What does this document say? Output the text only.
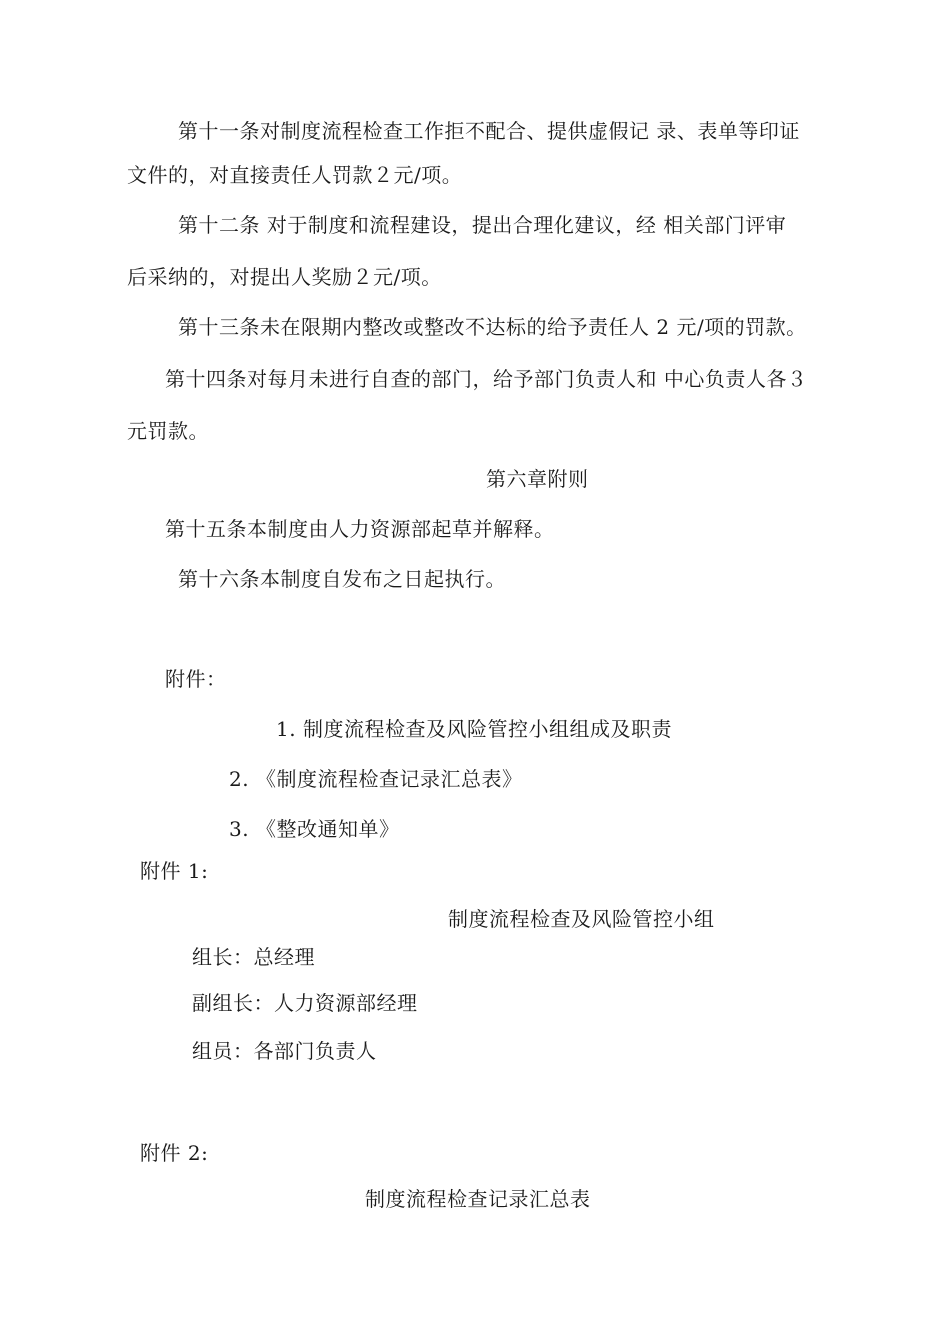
第十一条对制度流程检查工作拒不配合、提供虚假记 录、表单等印证
文件的，对直接责任人罚款２元/项。
第十二条 对于制度和流程建设，提出合理化建议，经 相关部门评审
后采纳的，对提出人奖励２元/项。
第十三条未在限期内整改或整改不达标的给予责任人 2 元/项的罚款。
第十四条对每月未进行自查的部门，给予部门负责人和 中心负责人各３
元罚款。
第六章附则
第十五条本制度由人力资源部起草并解释。
第十六条本制度自发布之日起执行。
附件：
1. 制度流程检查及风险管控小组组成及职责
2. 《制度流程检查记录汇总表》
3. 《整改通知单》
附件 1:
制度流程检查及风险管控小组
组长：总经理
副组长：人力资源部经理
组员：各部门负责人
附件 2:
制度流程检查记录汇总表
